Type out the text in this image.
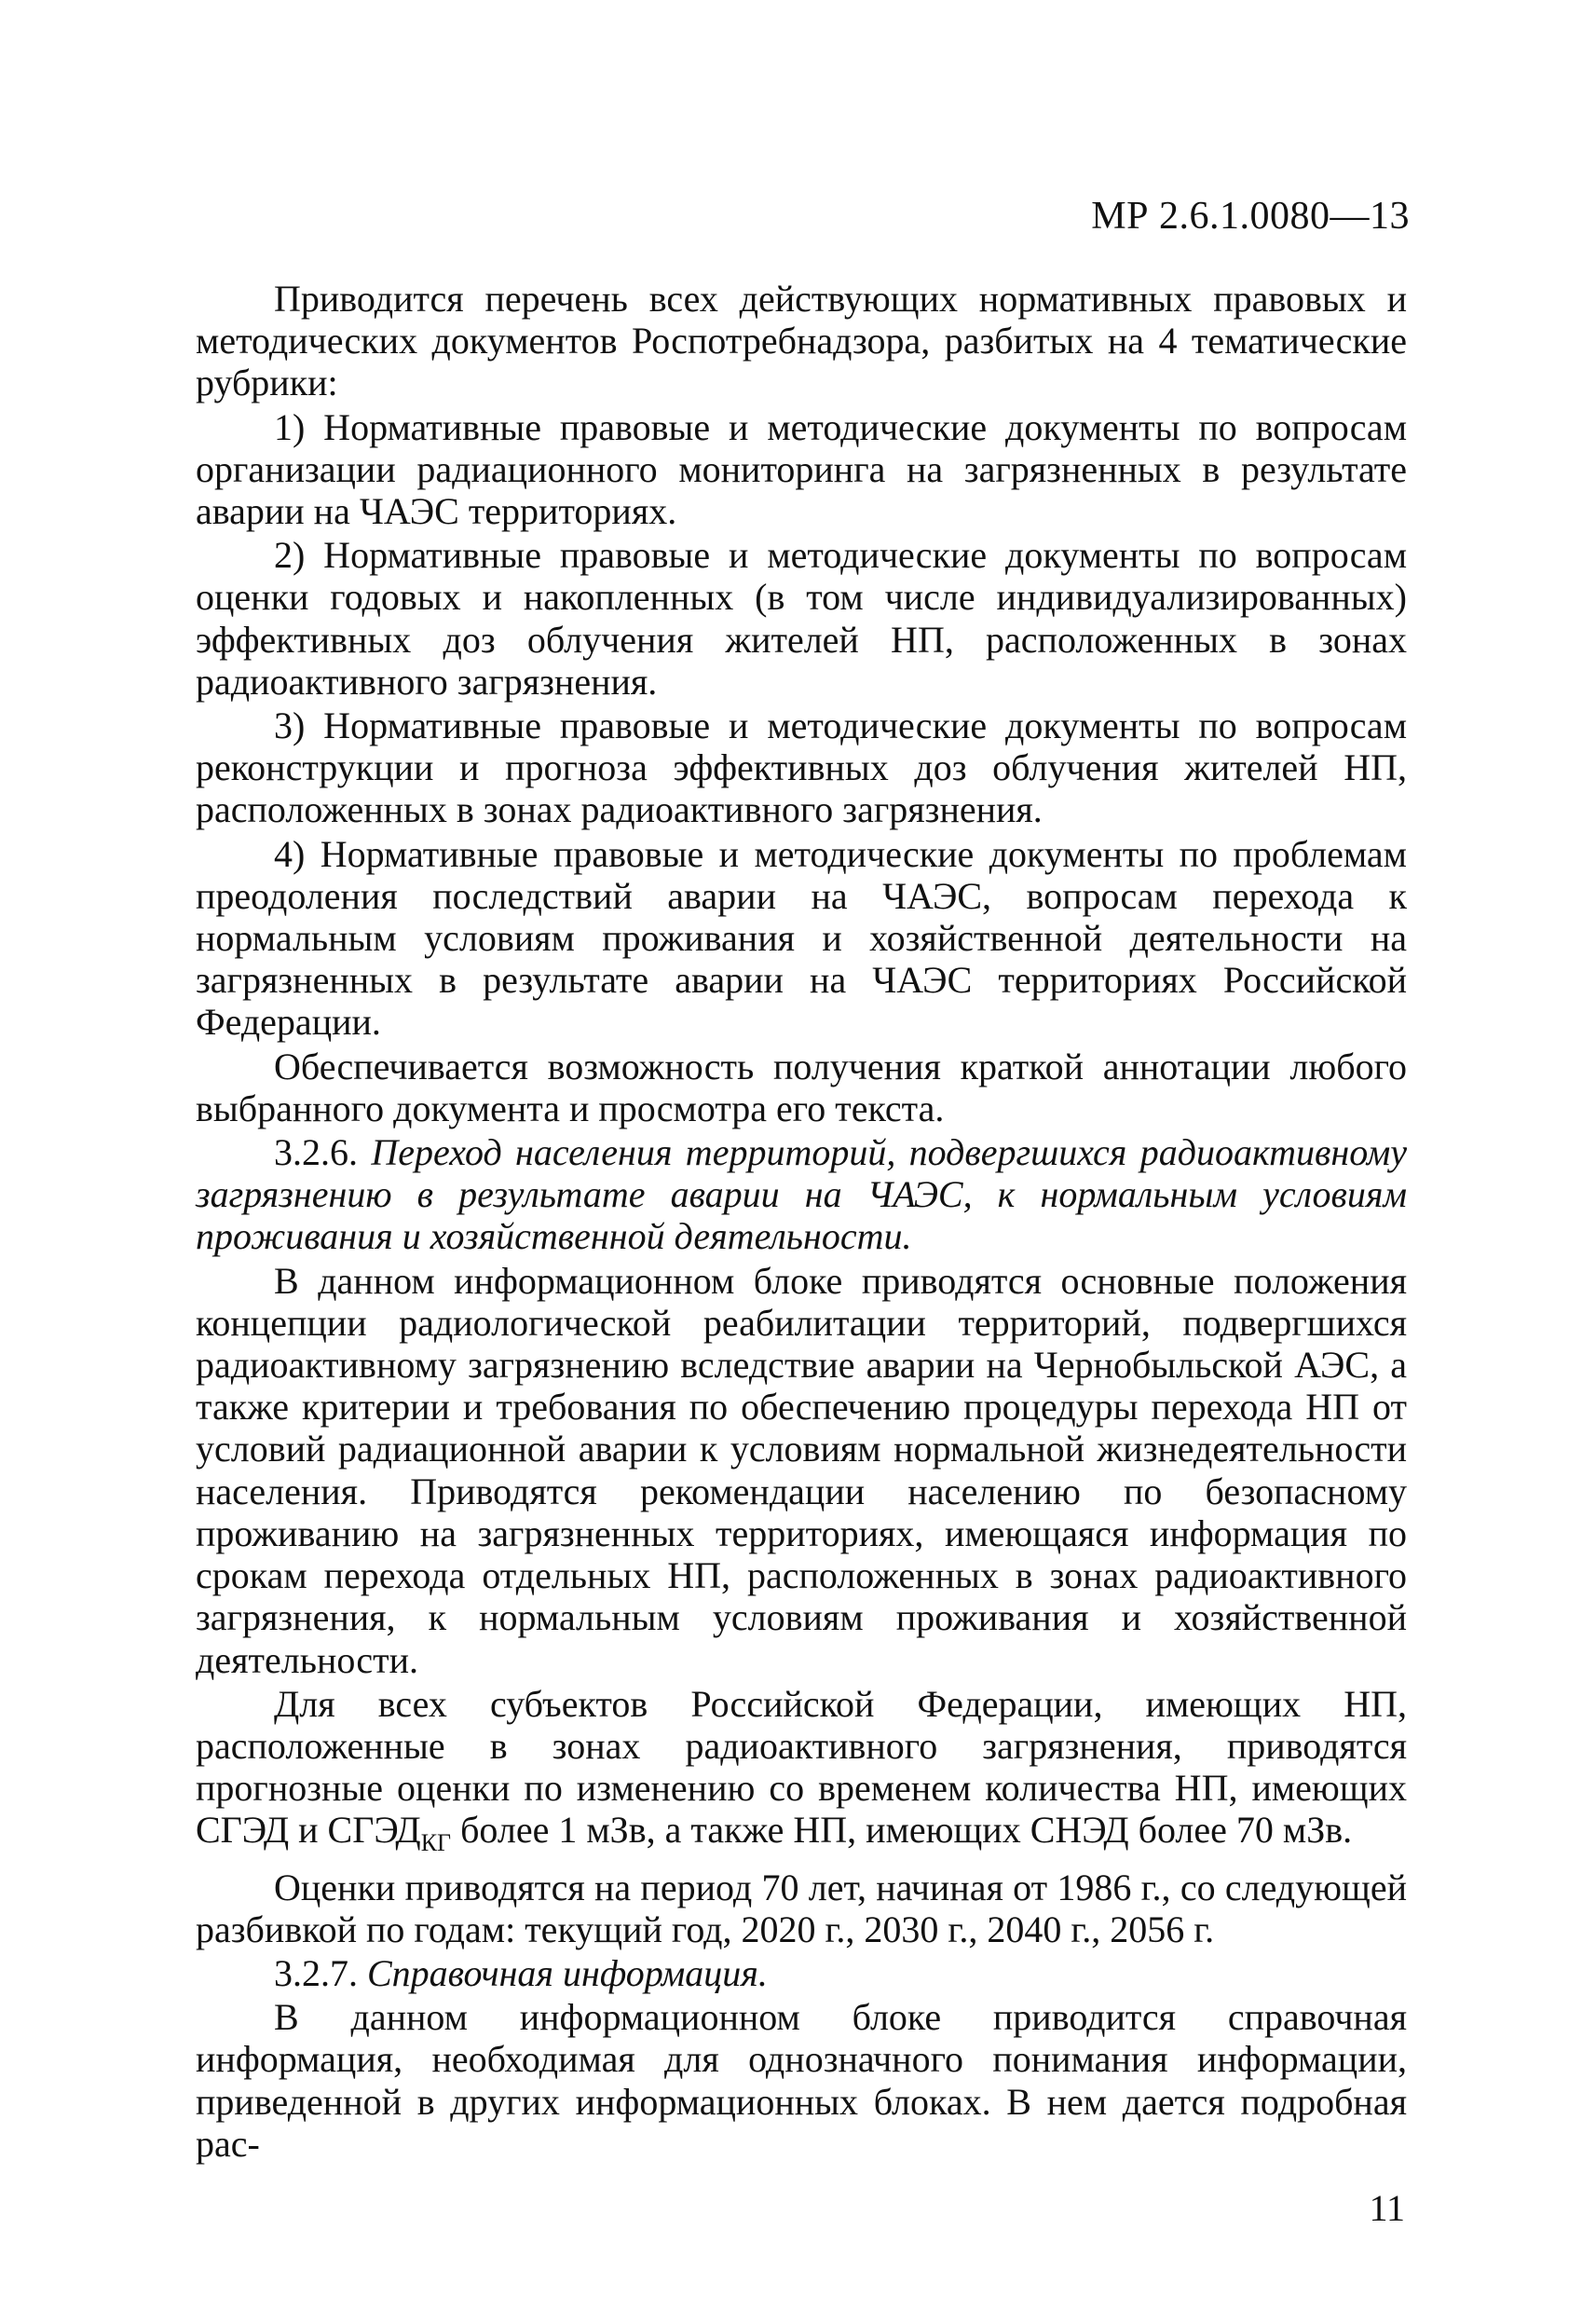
МР 2.6.1.0080—13

Приводится перечень всех действующих нормативных правовых и методических документов Роспотребнадзора, разбитых на 4 тематические рубрики:

1) Нормативные правовые и методические документы по вопросам организации радиационного мониторинга на загрязненных в результате аварии на ЧАЭС территориях.

2) Нормативные правовые и методические документы по вопросам оценки годовых и накопленных (в том числе индивидуализированных) эффективных доз облучения жителей НП, расположенных в зонах радиоактивного загрязнения.

3) Нормативные правовые и методические документы по вопросам реконструкции и прогноза эффективных доз облучения жителей НП, расположенных в зонах радиоактивного загрязнения.

4) Нормативные правовые и методические документы по проблемам преодоления последствий аварии на ЧАЭС, вопросам перехода к нормальным условиям проживания и хозяйственной деятельности на загрязненных в результате аварии на ЧАЭС территориях Российской Федерации.

Обеспечивается возможность получения краткой аннотации любого выбранного документа и просмотра его текста.

3.2.6. Переход населения территорий, подвергшихся радиоактивному загрязнению в результате аварии на ЧАЭС, к нормальным условиям проживания и хозяйственной деятельности.

В данном информационном блоке приводятся основные положения концепции радиологической реабилитации территорий, подвергшихся радиоактивному загрязнению вследствие аварии на Чернобыльской АЭС, а также критерии и требования по обеспечению процедуры перехода НП от условий радиационной аварии к условиям нормальной жизнедеятельности населения. Приводятся рекомендации населению по безопасному проживанию на загрязненных территориях, имеющаяся информация по срокам перехода отдельных НП, расположенных в зонах радиоактивного загрязнения, к нормальным условиям проживания и хозяйственной деятельности.

Для всех субъектов Российской Федерации, имеющих НП, расположенные в зонах радиоактивного загрязнения, приводятся прогнозные оценки по изменению со временем количества НП, имеющих СГЭД и $СГЭД_{КГ}$ более 1 мЗв, а также НП, имеющих СНЭД более 70 мЗв.

Оценки приводятся на период 70 лет, начиная от 1986 г., со следующей разбивкой по годам: текущий год, 2020 г., 2030 г., 2040 г., 2056 г.

3.2.7. Справочная информация.

В данном информационном блоке приводится справочная информация, необходимая для однозначного понимания информации, приведенной в других информационных блоках. В нем дается подробная рас-

11
